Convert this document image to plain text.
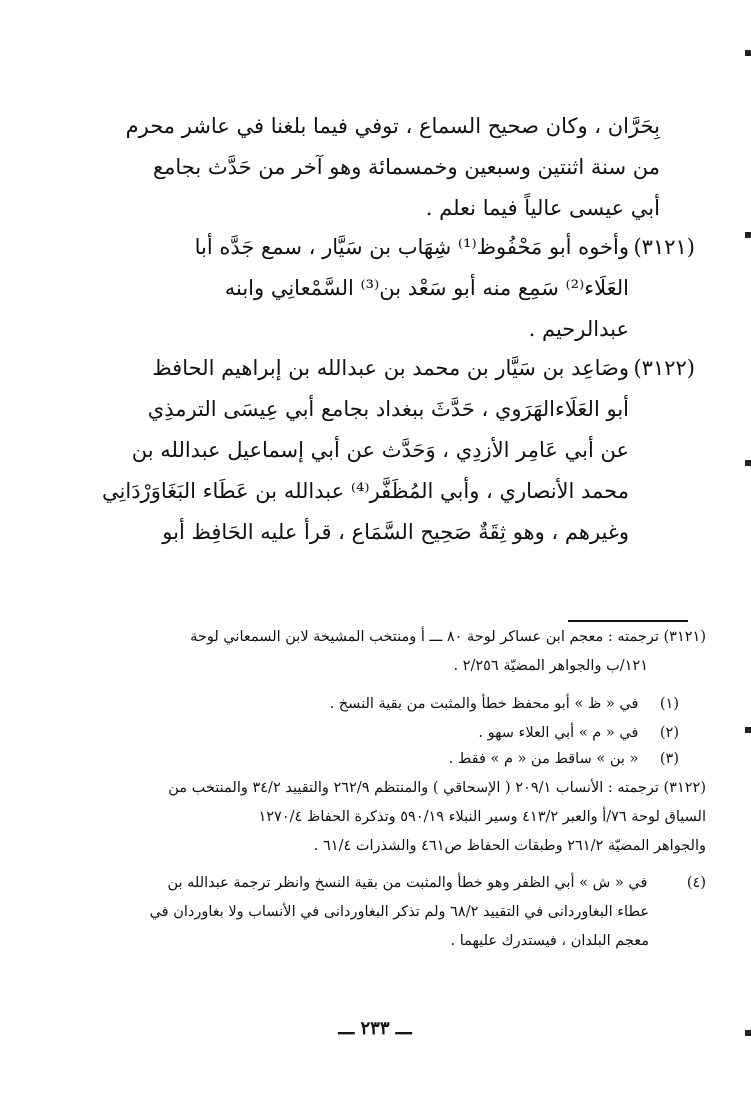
بِحَرَّان ، وكان صحيح السماع ، توفي فيما بلغنا في عاشر محرم
من سنة اثنتين وسبعين وخمسمائة وهو آخر من حَدَّث بجامع
أبي عيسى عالياً فيما نعلم .
(٣١٢١)
وأخوه أبو مَحْفُوظ⁽¹⁾ شِهَاب بن سَيَّار ، سمع جَدَّه أبا
العَلَاء⁽²⁾ سَمِع منه أبو سَعْد بن⁽³⁾ السَّمْعانِي وابنه
عبدالرحيم .
(٣١٢٢)
وصَاعِد بن سَيَّار بن محمد بن عبدالله بن إبراهيم الحافظ
أبو العَلَاءالهَرَوي ، حَدَّثَ ببغداد بجامع أبي عِيسَى الترمذِي
عن أبي عَامِر الأزدِي ، وَحَدَّث عن أبي إسماعيل عبدالله بن
محمد الأنصاري ، وأبي المُظَفَّر⁽⁴⁾ عبدالله بن عَطَاء البَغَاوَرْدَانِي
وغيرهم ، وهو ثِقَةٌ صَحِيح السَّمَاع ، قرأ عليه الحَافِظ أبو
(٣١٢١) ترجمته : معجم ابن عساكر لوحة ٨٠ ـــ أ ومنتخب المشيخة لابن السمعاني لوحة
١٢١/ب والجواهر المضيّة ٢/٢٥٦ .
(١) في « ظ » أبو محفظ خطأ والمثبت من بقية النسخ .
(٢) في « م » أبي العلاء سهو .
(٣) « بن » ساقط من « م » فقط .
(٣١٢٢) ترجمته : الأنساب ٢٠٩/١ ( الإسحاقي ) والمنتظم ٢٦٢/٩ والتقييد ٣٤/٢ والمنتخب من
السياق لوحة ٧٦/أ والعبر ٤١٣/٢ وسير النبلاء ٥٩٠/١٩ وتذكرة الحفاظ ١٢٧٠/٤
والجواهر المضيّة ٢٦١/٢ وطبقات الحفاظ ص٤٦١ والشذرات ٦١/٤ .
(٤) في « ش » أبي الظفر وهو خطأ والمثبت من بقية النسخ وانظر ترجمة عبدالله بن
عطاء البغاوردانى في التقييد ٦٨/٢ ولم تذكر البغاوردانى في الأنساب ولا بغاوردان في
معجم البلدان ، فيستدرك عليهما .
ـــ ٢٣٣ ـــ
